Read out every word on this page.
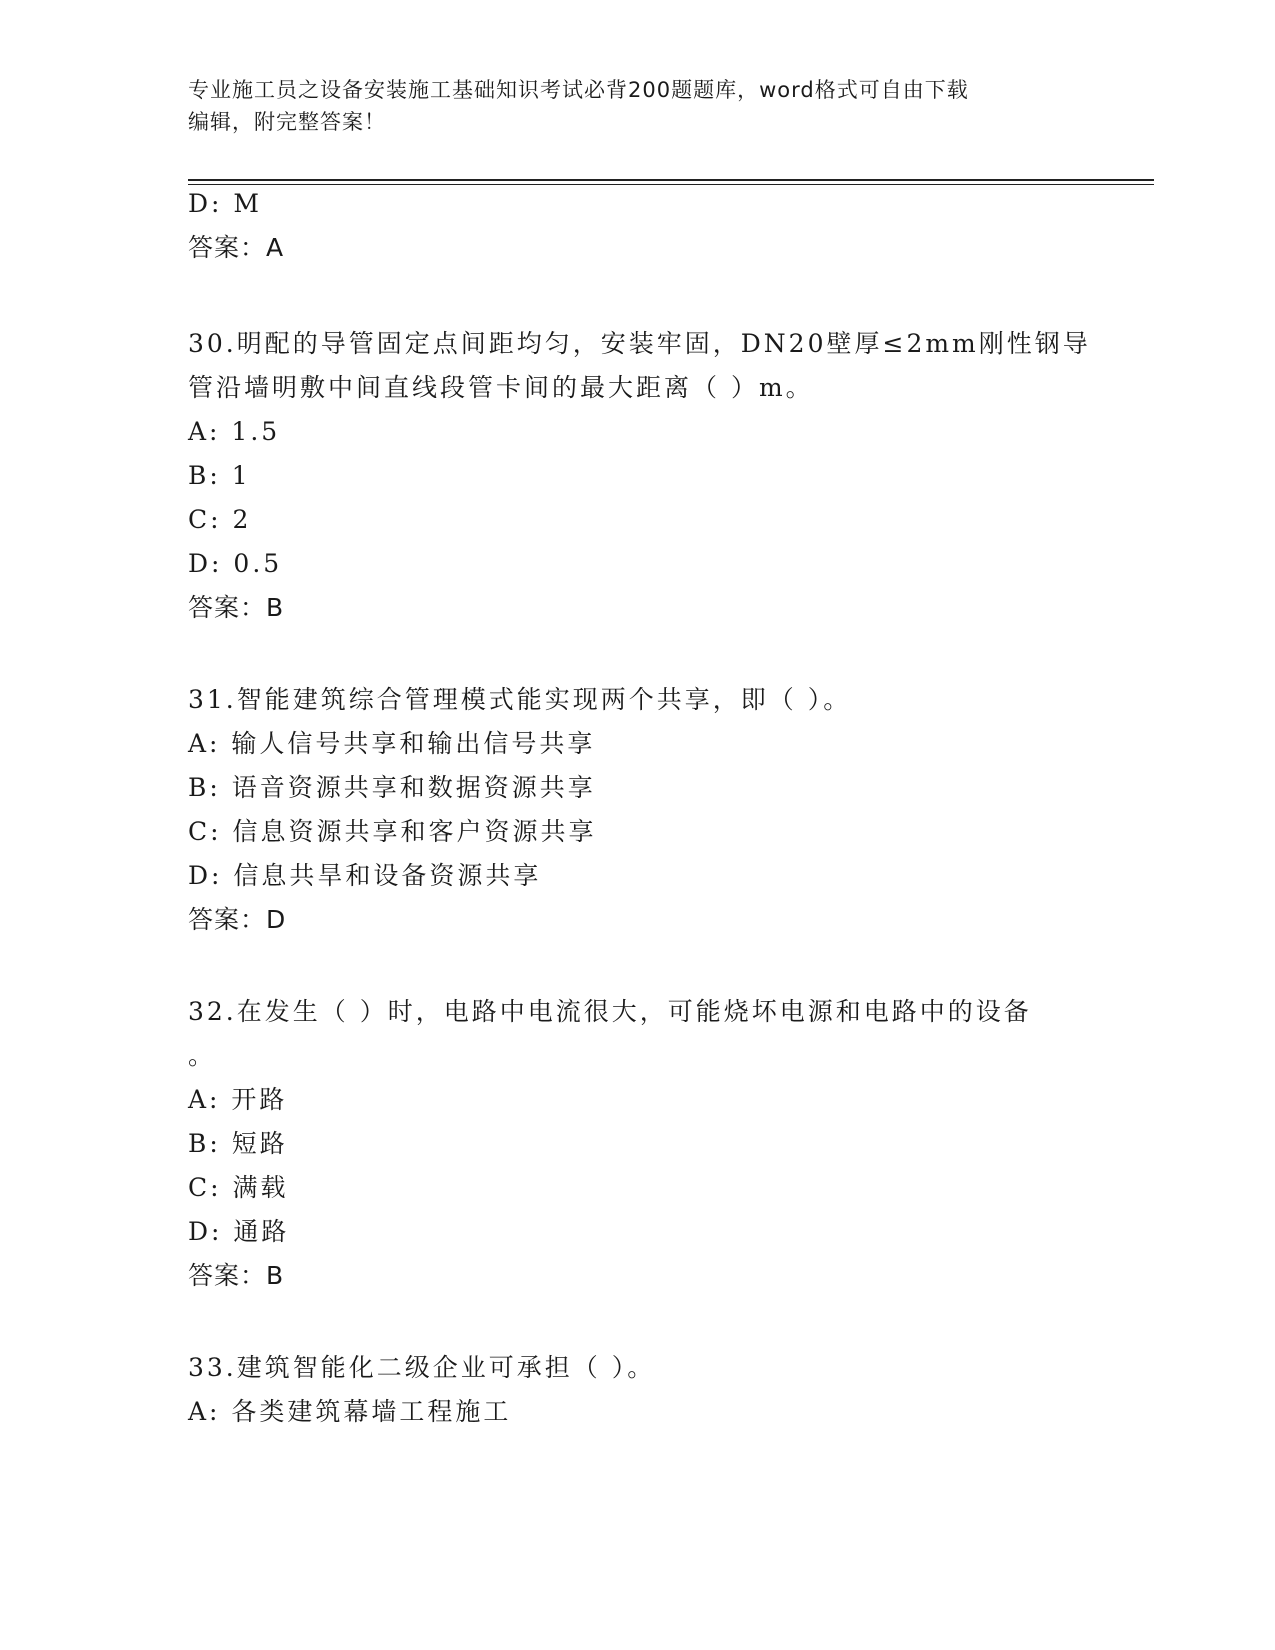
专业施工员之设备安装施工基础知识考试必背200题题库，word格式可自由下载
编辑，附完整答案！
D: M
答案：A
30.明配的导管固定点间距均匀，安装牢固，DN20壁厚≤2mm刚性钢导
管沿墙明敷中间直线段管卡间的最大距离（ ）m。
A: 1.5
B: 1
C: 2
D: 0.5
答案：B
31.智能建筑综合管理模式能实现两个共享，即（ ）。
A: 输人信号共享和输出信号共享
B: 语音资源共享和数据资源共享
C: 信息资源共享和客户资源共享
D: 信息共旱和设备资源共享
答案：D
32.在发生（ ）时，电路中电流很大，可能烧坏电源和电路中的设备
。
A: 开路
B: 短路
C: 满载
D: 通路
答案：B
33.建筑智能化二级企业可承担（ ）。
A: 各类建筑幕墙工程施工
